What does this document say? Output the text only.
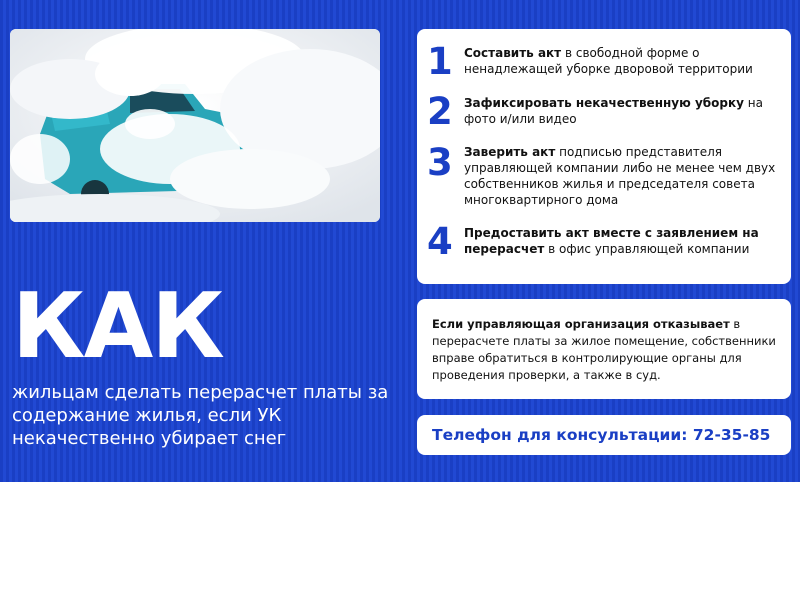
КАК
жильцам сделать перерасчет платы за содержание жилья, если УК некачественно убирает снег
1 Составить акт в свободной форме о ненадлежащей уборке дворовой территории
2 Зафиксировать некачественную уборку на фото и/или видео
3 Заверить акт подписью представителя управляющей компании либо не менее чем двух собственников жилья и председателя совета многоквартирного дома
4 Предоставить акт вместе с заявлением на перерасчет в офис управляющей компании
Если управляющая организация отказывает в перерасчете платы за жилое помещение, собственники вправе обратиться в контролирующие органы для проведения проверки, а также в суд.
Телефон для консультации: 72-35-85
